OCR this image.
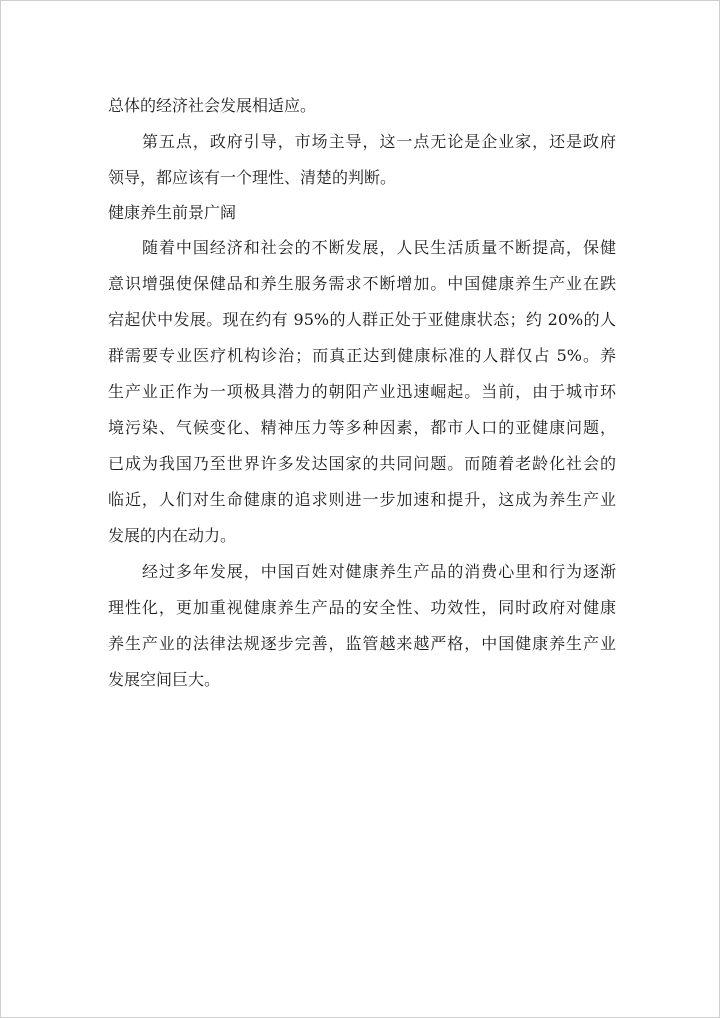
总体的经济社会发展相适应。
第五点，政府引导，市场主导，这一点无论是企业家，还是政府
领导，都应该有一个理性、清楚的判断。
健康养生前景广阔
随着中国经济和社会的不断发展，人民生活质量不断提高，保健
意识增强使保健品和养生服务需求不断增加。中国健康养生产业在跌
宕起伏中发展。现在约有 95%的人群正处于亚健康状态；约 20%的人
群需要专业医疗机构诊治；而真正达到健康标准的人群仅占 5%。养
生产业正作为一项极具潜力的朝阳产业迅速崛起。当前，由于城市环
境污染、气候变化、精神压力等多种因素，都市人口的亚健康问题，
已成为我国乃至世界许多发达国家的共同问题。而随着老龄化社会的
临近，人们对生命健康的追求则进一步加速和提升，这成为养生产业
发展的内在动力。
经过多年发展，中国百姓对健康养生产品的消费心里和行为逐渐
理性化，更加重视健康养生产品的安全性、功效性，同时政府对健康
养生产业的法律法规逐步完善，监管越来越严格，中国健康养生产业
发展空间巨大。
